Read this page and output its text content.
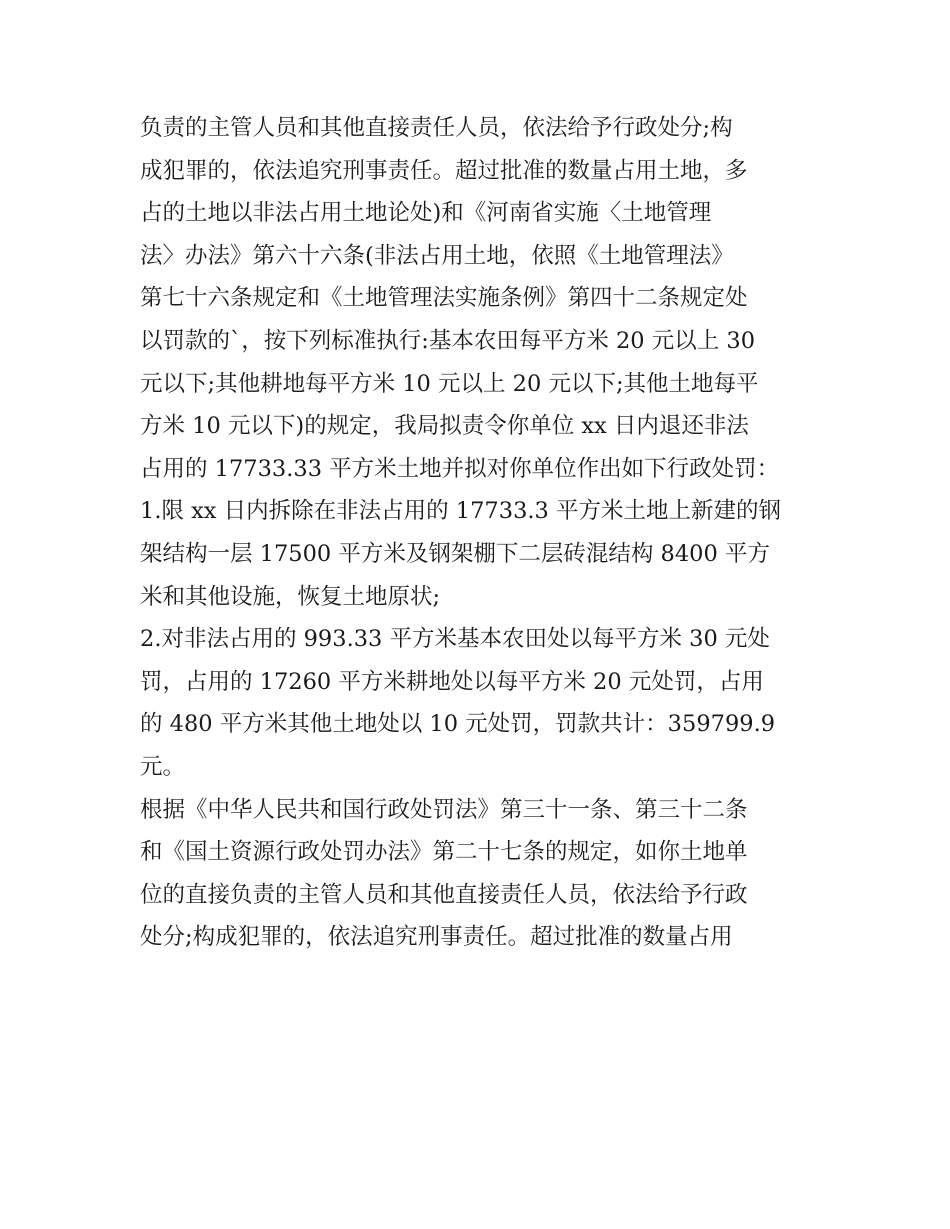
负责的主管人员和其他直接责任人员，依法给予行政处分;构
成犯罪的，依法追究刑事责任。超过批准的数量占用土地，多
占的土地以非法占用土地论处)和《河南省实施〈土地管理
法〉办法》第六十六条(非法占用土地，依照《土地管理法》
第七十六条规定和《土地管理法实施条例》第四十二条规定处
以罚款的`，按下列标准执行:基本农田每平方米 20 元以上 30
元以下;其他耕地每平方米 10 元以上 20 元以下;其他土地每平
方米 10 元以下)的规定，我局拟责令你单位 xx 日内退还非法
占用的 17733.33 平方米土地并拟对你单位作出如下行政处罚：
1.限 xx 日内拆除在非法占用的 17733.3 平方米土地上新建的钢
架结构一层 17500 平方米及钢架棚下二层砖混结构 8400 平方
米和其他设施，恢复土地原状;
2.对非法占用的 993.33 平方米基本农田处以每平方米 30 元处
罚，占用的 17260 平方米耕地处以每平方米 20 元处罚，占用
的 480 平方米其他土地处以 10 元处罚，罚款共计：359799.9
元。
根据《中华人民共和国行政处罚法》第三十一条、第三十二条
和《国土资源行政处罚办法》第二十七条的规定，如你土地单
位的直接负责的主管人员和其他直接责任人员，依法给予行政
处分;构成犯罪的，依法追究刑事责任。超过批准的数量占用
